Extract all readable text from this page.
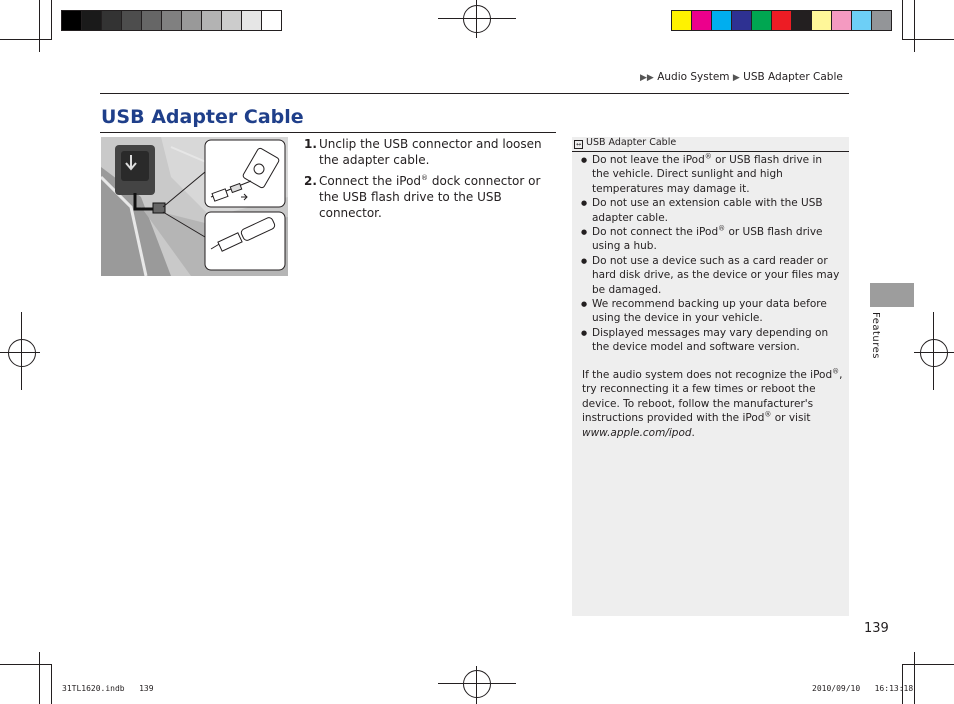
▶▶ Audio System ▶ USB Adapter Cable
USB Adapter Cable
1. Unclip the USB connector and loosen the adapter cable.
2. Connect the iPod® dock connector or the USB flash drive to the USB connector.
↔ USB Adapter Cable
● Do not leave the iPod® or USB flash drive in the vehicle. Direct sunlight and high temperatures may damage it.
● Do not use an extension cable with the USB adapter cable.
● Do not connect the iPod® or USB flash drive using a hub.
● Do not use a device such as a card reader or hard disk drive, as the device or your files may be damaged.
● We recommend backing up your data before using the device in your vehicle.
● Displayed messages may vary depending on the device model and software version.
If the audio system does not recognize the iPod®, try reconnecting it a few times or reboot the device. To reboot, follow the manufacturer's instructions provided with the iPod® or visit www.apple.com/ipod.
Features
139
31TL1620.indb   139	2010/09/10   16:13:18
